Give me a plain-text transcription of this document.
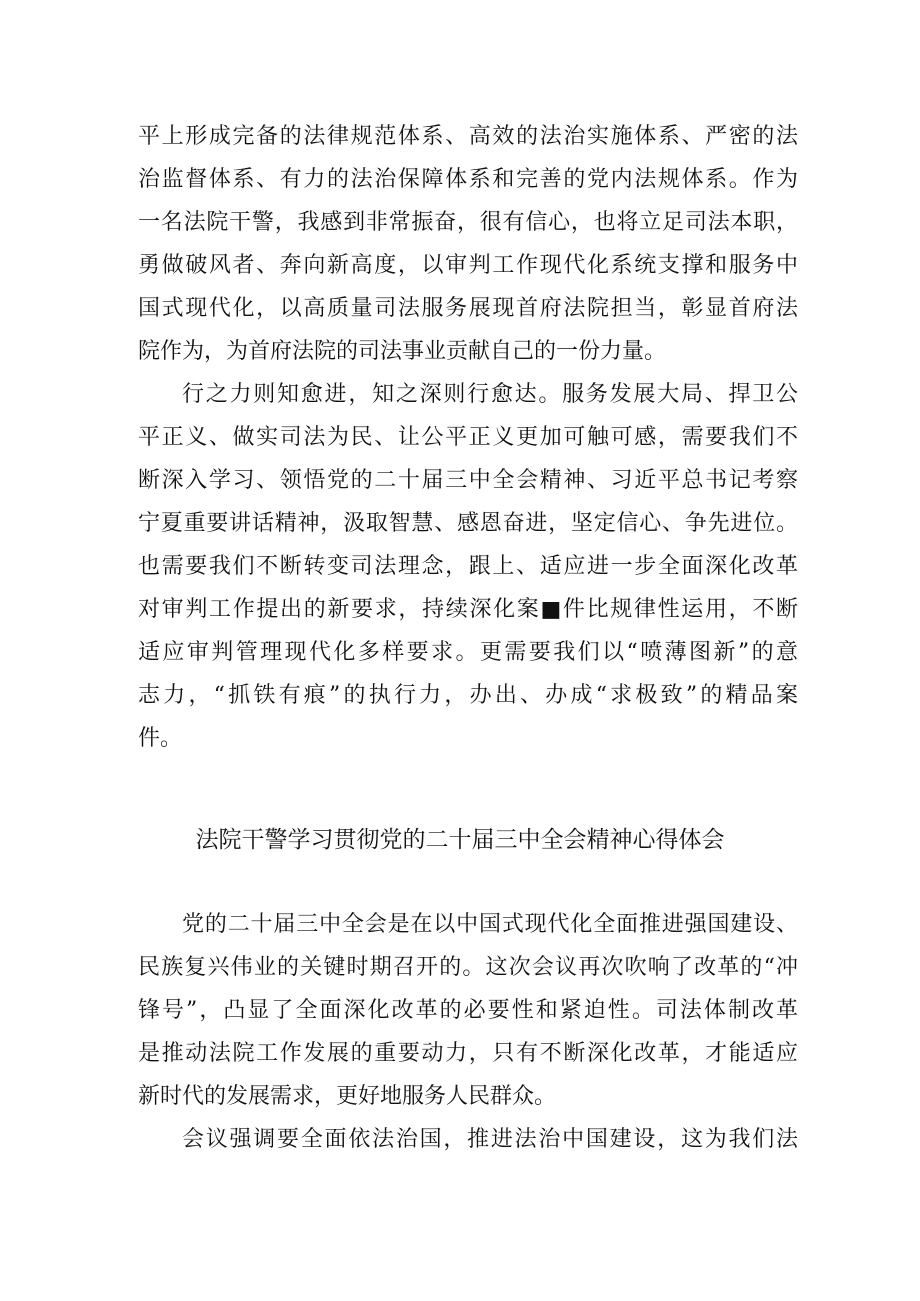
平上形成完备的法律规范体系、高效的法治实施体系、严密的法
治监督体系、有力的法治保障体系和完善的党内法规体系。作为
一名法院干警，我感到非常振奋，很有信心，也将立足司法本职，
勇做破风者、奔向新高度，以审判工作现代化系统支撑和服务中
国式现代化，以高质量司法服务展现首府法院担当，彰显首府法
院作为，为首府法院的司法事业贡献自己的一份力量。
行之力则知愈进，知之深则行愈达。服务发展大局、捍卫公
平正义、做实司法为民、让公平正义更加可触可感，需要我们不
断深入学习、领悟党的二十届三中全会精神、习近平总书记考察
宁夏重要讲话精神，汲取智慧、感恩奋进，坚定信心、争先进位。
也需要我们不断转变司法理念，跟上、适应进一步全面深化改革
对审判工作提出的新要求，持续深化案■件比规律性运用，不断
适应审判管理现代化多样要求。更需要我们以“喷薄图新”的意
志力，“抓铁有痕”的执行力，办出、办成“求极致”的精品案
件。
法院干警学习贯彻党的二十届三中全会精神心得体会
党的二十届三中全会是在以中国式现代化全面推进强国建设、
民族复兴伟业的关键时期召开的。这次会议再次吹响了改革的“冲
锋号”，凸显了全面深化改革的必要性和紧迫性。司法体制改革
是推动法院工作发展的重要动力，只有不断深化改革，才能适应
新时代的发展需求，更好地服务人民群众。
会议强调要全面依法治国，推进法治中国建设，这为我们法
